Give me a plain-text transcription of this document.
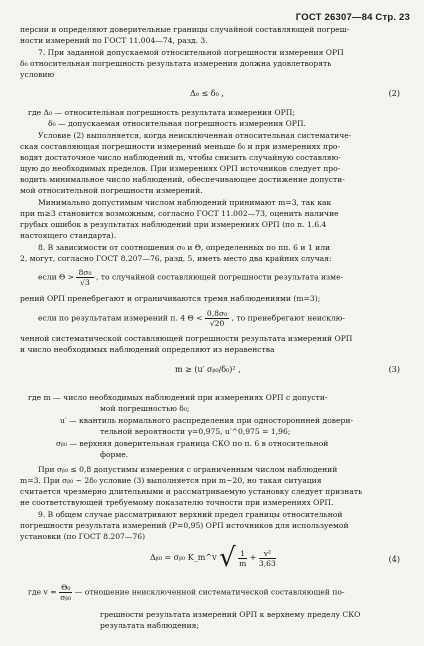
ГОСТ 26307—84 Стр. 23
персии и определяют доверительные границы случайной составляющей погреш-
ности измерений по ГОСТ 11.004—74, разд. 3.
7. При заданной допускаемой относительной погрешности измерения ОРП
δ₀ относительная погрешность результата измерения должна удовлетворять
условию
Δ₀ ≤ δ₀ ,	(2)
где Δ₀ — относительная погрешность результата измерения ОРП;
δ₀ — допускаемая относительная погрешность измерения ОРП.
Условие (2) выполняется, когда неисключенная относительная систематиче-
ская составляющая погрешности измерений меньше δ₀ и при измерениях про-
водят достаточное число наблюдений m, чтобы снизить случайную составляю-
щую до необходимых пределов. При измерениях ОРП источников следует про-
водить минимальное число наблюдений, обеспечивающее достижение допусти-
мой относительной погрешности измерений.
Минимально допустимым числом наблюдений принимают m=3, так как
при m≥3 становится возможным, согласно ГОСТ 11.002—73, оценить наличие
грубых ошибок в результатах наблюдений при измерениях ОРП (по п. 1.6.4
настоящего стандарта).
8. В зависимости от соотношения σ₀ и Θ, определенных по пп. 6 и 1 или
2, могут, согласно ГОСТ 8.207—76, разд. 5, иметь место два крайних случая:
если $\Theta > \frac{\text{8σ₀}}{√3}$ , то случайной составляющей погрешности результата изме-
рений ОРП пренебрегают и ограничиваются тремя наблюдениями (m=3);
если по результатам измерений п. 4 $\Theta < \frac{\text{0,8σ₀}}{√20}$ , то пренебрегают неисклю-
ченной систематической составляющей погрешности результата измерений ОРП
и число необходимых наблюдений определяют из неравенства
m ≥ (u′ σᵦ₀/δ₀)² ,	(3)
где m — число необходимых наблюдений при измерениях ОРП с допусти-
мой погрешностью δ₀;
u′ — квантиль нормального распределения при одностороннней довери-
тельной вероятности γ=0,975, u′^0,975 = 1,96;
σᵦ₀ — верхняя доверительная граница СКО по п. 6 в относительной
форме.
При σᵦ₀ ≤ 0,8 допустимы измерения с ограниченным числом наблюдений
m=3. При σᵦ₀ ~ 2δ₀ условие (3) выполняется при m~20, но такая ситуация
считается чрезмерно длительными и рассматриваемую установку следует признать
не соответствующей требуемому показателю точности при измерениях ОРП.
9. В общем случае рассматривают верхний предел границы относительной
погрешности результата измерений (P=0,95) ОРП источников для используемой
установки (по ГОСТ 8.207—76)
Δᵦ₀ = σᵦ₀ K_m^v √ $\frac{1}{m} + \frac{\text{v²}}{3,63}$	(4)
где $v = \frac{\text{Θ₀}}{\text{σᵦ₀}}$ — отношение неисключенной систематической составляющей по-
грешности результата измерений ОРП к верхнему пределу СКО
результата наблюдения;
